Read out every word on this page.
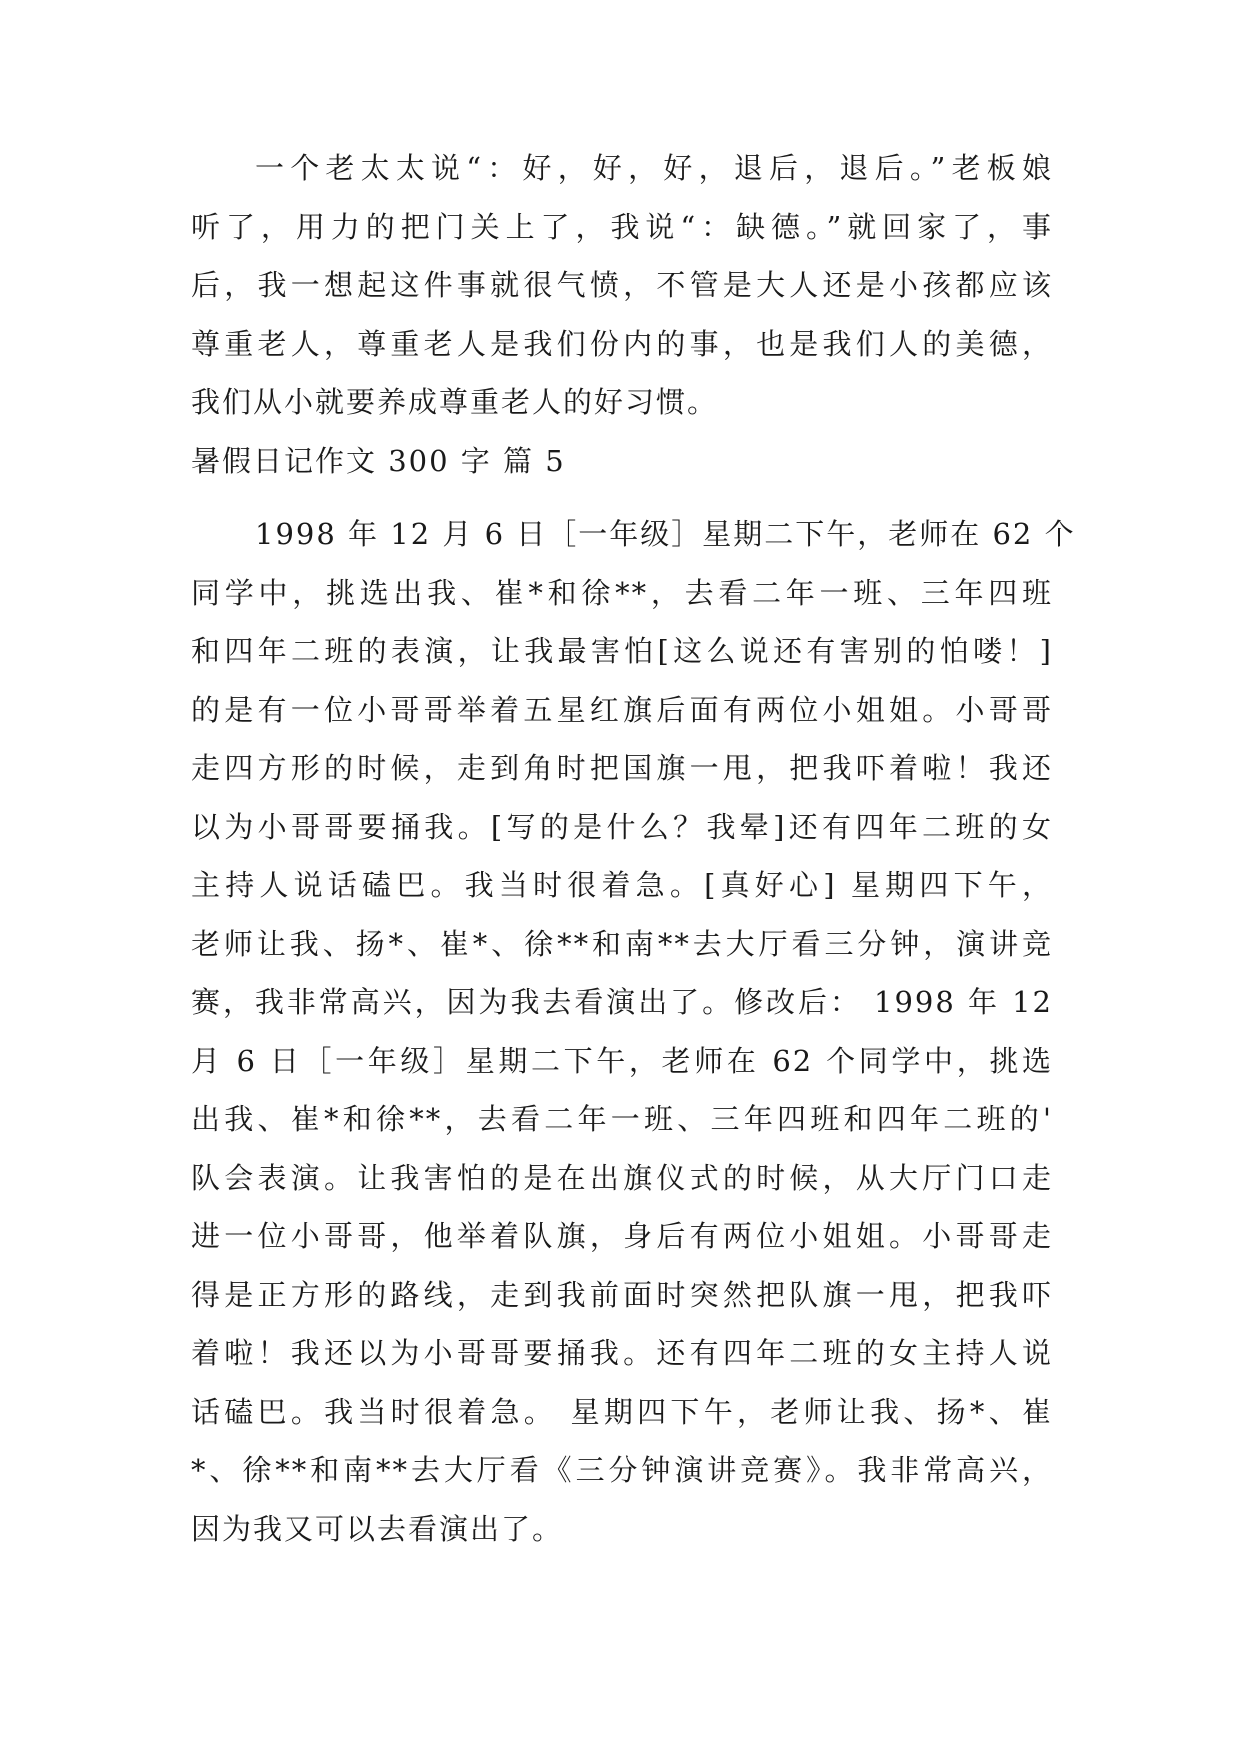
一个老太太说“：好，好，好，退后，退后。”老板娘
听了，用力的把门关上了，我说“：缺德。”就回家了，事
后，我一想起这件事就很气愤，不管是大人还是小孩都应该
尊重老人，尊重老人是我们份内的事，也是我们人的美德，
我们从小就要养成尊重老人的好习惯。
暑假日记作文 300 字 篇 5
1998 年 12 月 6 日［一年级］星期二下午，老师在 62 个
同学中，挑选出我、崔*和徐**，去看二年一班、三年四班
和四年二班的表演，让我最害怕[这么说还有害别的怕喽！]
的是有一位小哥哥举着五星红旗后面有两位小姐姐。小哥哥
走四方形的时候，走到角时把国旗一甩，把我吓着啦！我还
以为小哥哥要捅我。[写的是什么？我晕]还有四年二班的女
主持人说话磕巴。我当时很着急。[真好心] 星期四下午，
老师让我、扬*、崔*、徐**和南**去大厅看三分钟，演讲竞
赛，我非常高兴，因为我去看演出了。修改后： 1998 年 12
月 6 日［一年级］星期二下午，老师在 62 个同学中，挑选
出我、崔*和徐**，去看二年一班、三年四班和四年二班的'
队会表演。让我害怕的是在出旗仪式的时候，从大厅门口走
进一位小哥哥，他举着队旗，身后有两位小姐姐。小哥哥走
得是正方形的路线，走到我前面时突然把队旗一甩，把我吓
着啦！我还以为小哥哥要捅我。还有四年二班的女主持人说
话磕巴。我当时很着急。 星期四下午，老师让我、扬*、崔
*、徐**和南**去大厅看《三分钟演讲竞赛》。我非常高兴，
因为我又可以去看演出了。
